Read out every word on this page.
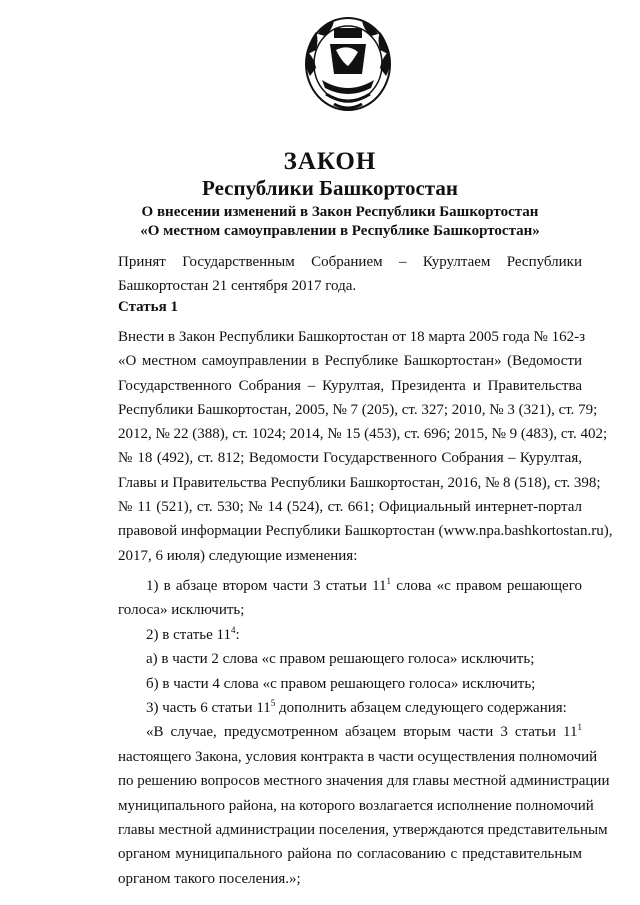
ЗАКОН
Республики Башкортостан
О внесении изменений в Закон Республики Башкортостан
«О местном самоуправлении в Республике Башкортостан»
Принят Государственным Собранием – Курултаем Республики
Башкортостан 21 сентября 2017 года.

Статья 1

Внести в Закон Республики Башкортостан от 18 марта 2005 года № 162-з
«О местном самоуправлении в Республике Башкортостан» (Ведомости
Государственного Собрания – Курултая, Президента и Правительства
Республики Башкортостан, 2005, № 7 (205), ст. 327; 2010, № 3 (321), ст. 79;
2012, № 22 (388), ст. 1024; 2014, № 15 (453), ст. 696; 2015, № 9 (483), ст. 402;
№ 18 (492), ст. 812; Ведомости Государственного Собрания – Курултая,
Главы и Правительства Республики Башкортостан, 2016, № 8 (518), ст. 398;
№ 11 (521), ст. 530; № 14 (524), ст. 661; Официальный интернет-портал
правовой информации Республики Башкортостан (www.npa.bashkortostan.ru),
2017, 6 июля) следующие изменения:
1) в абзаце втором части 3 статьи $11^1$ слова «с правом решающего
голоса» исключить;
2) в статье $11^4$:
а) в части 2 слова «с правом решающего голоса» исключить;
б) в части 4 слова «с правом решающего голоса» исключить;
3) часть 6 статьи $11^5$ дополнить абзацем следующего содержания:
«В случае, предусмотренном абзацем вторым части 3 статьи $11^1$
настоящего Закона, условия контракта в части осуществления полномочий
по решению вопросов местного значения для главы местной администрации
муниципального района, на которого возлагается исполнение полномочий
главы местной администрации поселения, утверждаются представительным
органом муниципального района по согласованию с представительным
органом такого поселения.»;
